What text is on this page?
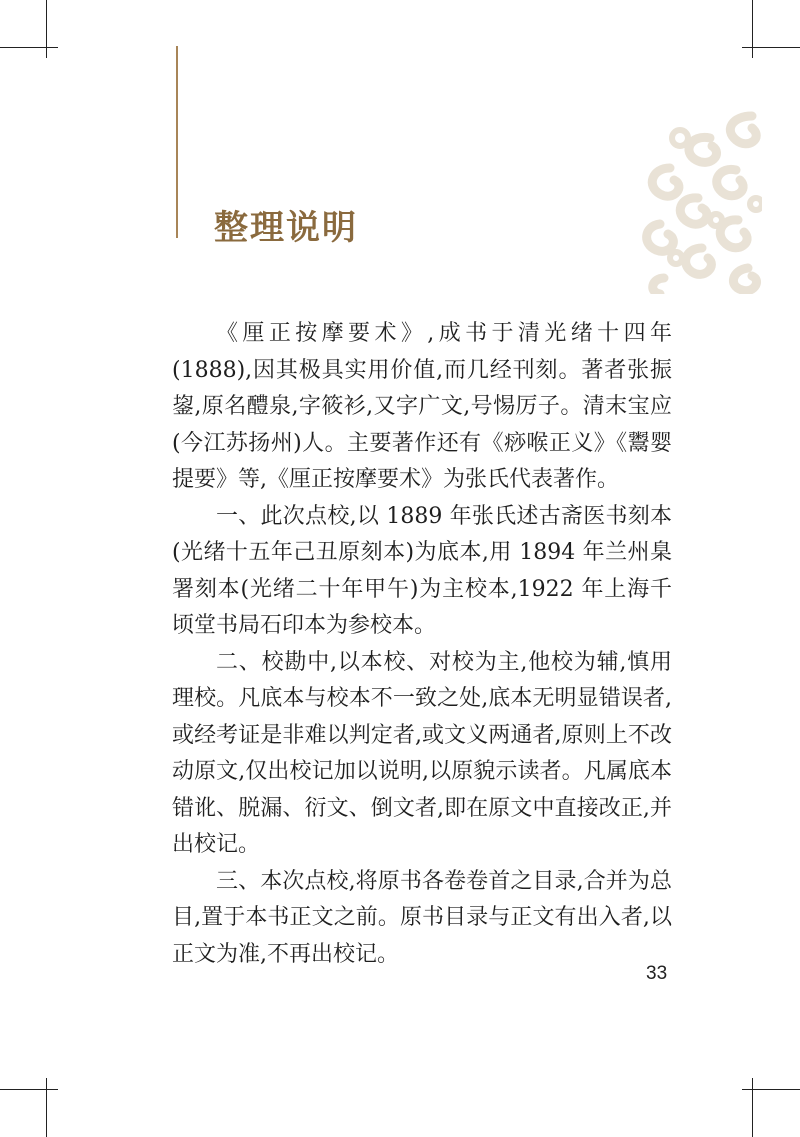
整理说明

《厘正按摩要术》,成书于清光绪十四年(1888),因其极具实用价值,而几经刊刻。著者张振鋆,原名醴泉,字筱衫,又字广文,号惕厉子。清末宝应(今江苏扬州)人。主要著作还有《痧喉正义》《鬻婴提要》等,《厘正按摩要术》为张氏代表著作。

一、此次点校,以 1889 年张氏述古斋医书刻本(光绪十五年己丑原刻本)为底本,用 1894 年兰州臬署刻本(光绪二十年甲午)为主校本,1922 年上海千顷堂书局石印本为参校本。

二、校勘中,以本校、对校为主,他校为辅,慎用理校。凡底本与校本不一致之处,底本无明显错误者,或经考证是非难以判定者,或文义两通者,原则上不改动原文,仅出校记加以说明,以原貌示读者。凡属底本错讹、脱漏、衍文、倒文者,即在原文中直接改正,并出校记。

三、本次点校,将原书各卷卷首之目录,合并为总目,置于本书正文之前。原书目录与正文有出入者,以正文为准,不再出校记。

33
